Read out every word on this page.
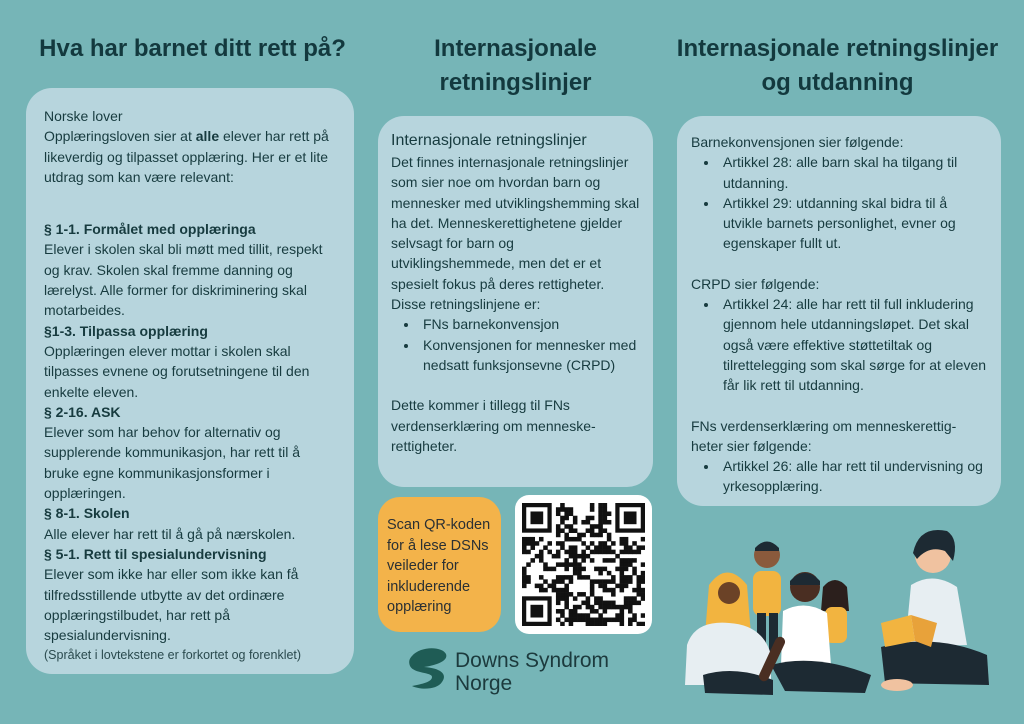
Hva har barnet ditt rett på?	Internasjonale retningslinjer
Internasjonale retningslinjer og utdanning

Norske lover

Opplæringsloven sier at alle elever har rett på likeverdig og tilpasset opplæring. Her er et lite utdrag som kan være relevant:

§ 1-1. Formålet med opplæringa

Elever i skolen skal bli møtt med tillit, respekt og krav. Skolen skal fremme danning og lærelyst. Alle former for diskriminering skal motarbeides.

§1-3. Tilpassa opplæring

Opplæringen elever mottar i skolen skal tilpasses evnene og forutsetningene til den enkelte eleven.

§ 2-16. ASK

Elever som har behov for alternativ og supplerende kommunikasjon, har rett til å bruke egne kommunikasjonsformer i opplæringen.

§ 8-1. Skolen

Alle elever har rett til å gå på nærskolen.

§ 5-1. Rett til spesialundervisning

Elever som ikke har eller som ikke kan få tilfredsstillende utbytte av det ordinære opplæringstilbudet, har rett på spesialundervisning.

(Språket i lovtekstene er forkortet og forenklet)

Internasjonale retningslinjer

Det finnes internasjonale retningslinjer som sier noe om hvordan barn og mennesker med utviklingshemming skal ha det. Menneskerettighetene gjelder selvsagt for barn og utviklingshemmede, men det er et spesielt fokus på deres rettigheter.

Disse retningslinjene er:

• FNs barnekonvensjon
• Konvensjonen for mennesker med nedsatt funksjonsevne (CRPD)

Dette kommer i tillegg til FNs verdenserklæring om menneske-rettigheter.

Barnekonvensjonen sier følgende:

• Artikkel 28: alle barn skal ha tilgang til utdanning.
• Artikkel 29: utdanning skal bidra til å utvikle barnets personlighet, evner og egenskaper fullt ut.

CRPD sier følgende:

• Artikkel 24: alle har rett til full inkludering gjennom hele utdanningsløpet. Det skal også være effektive støttetiltak og tilrettelegging som skal sørge for at eleven får lik rett til utdanning.

FNs verdenserklæring om menneskerettig-heter sier følgende:

• Artikkel 26: alle har rett til undervisning og yrkesopplæring.
Scan QR-koden for å lese DSNs veileder for inkluderende opplæring
Downs Syndrom
Norge
